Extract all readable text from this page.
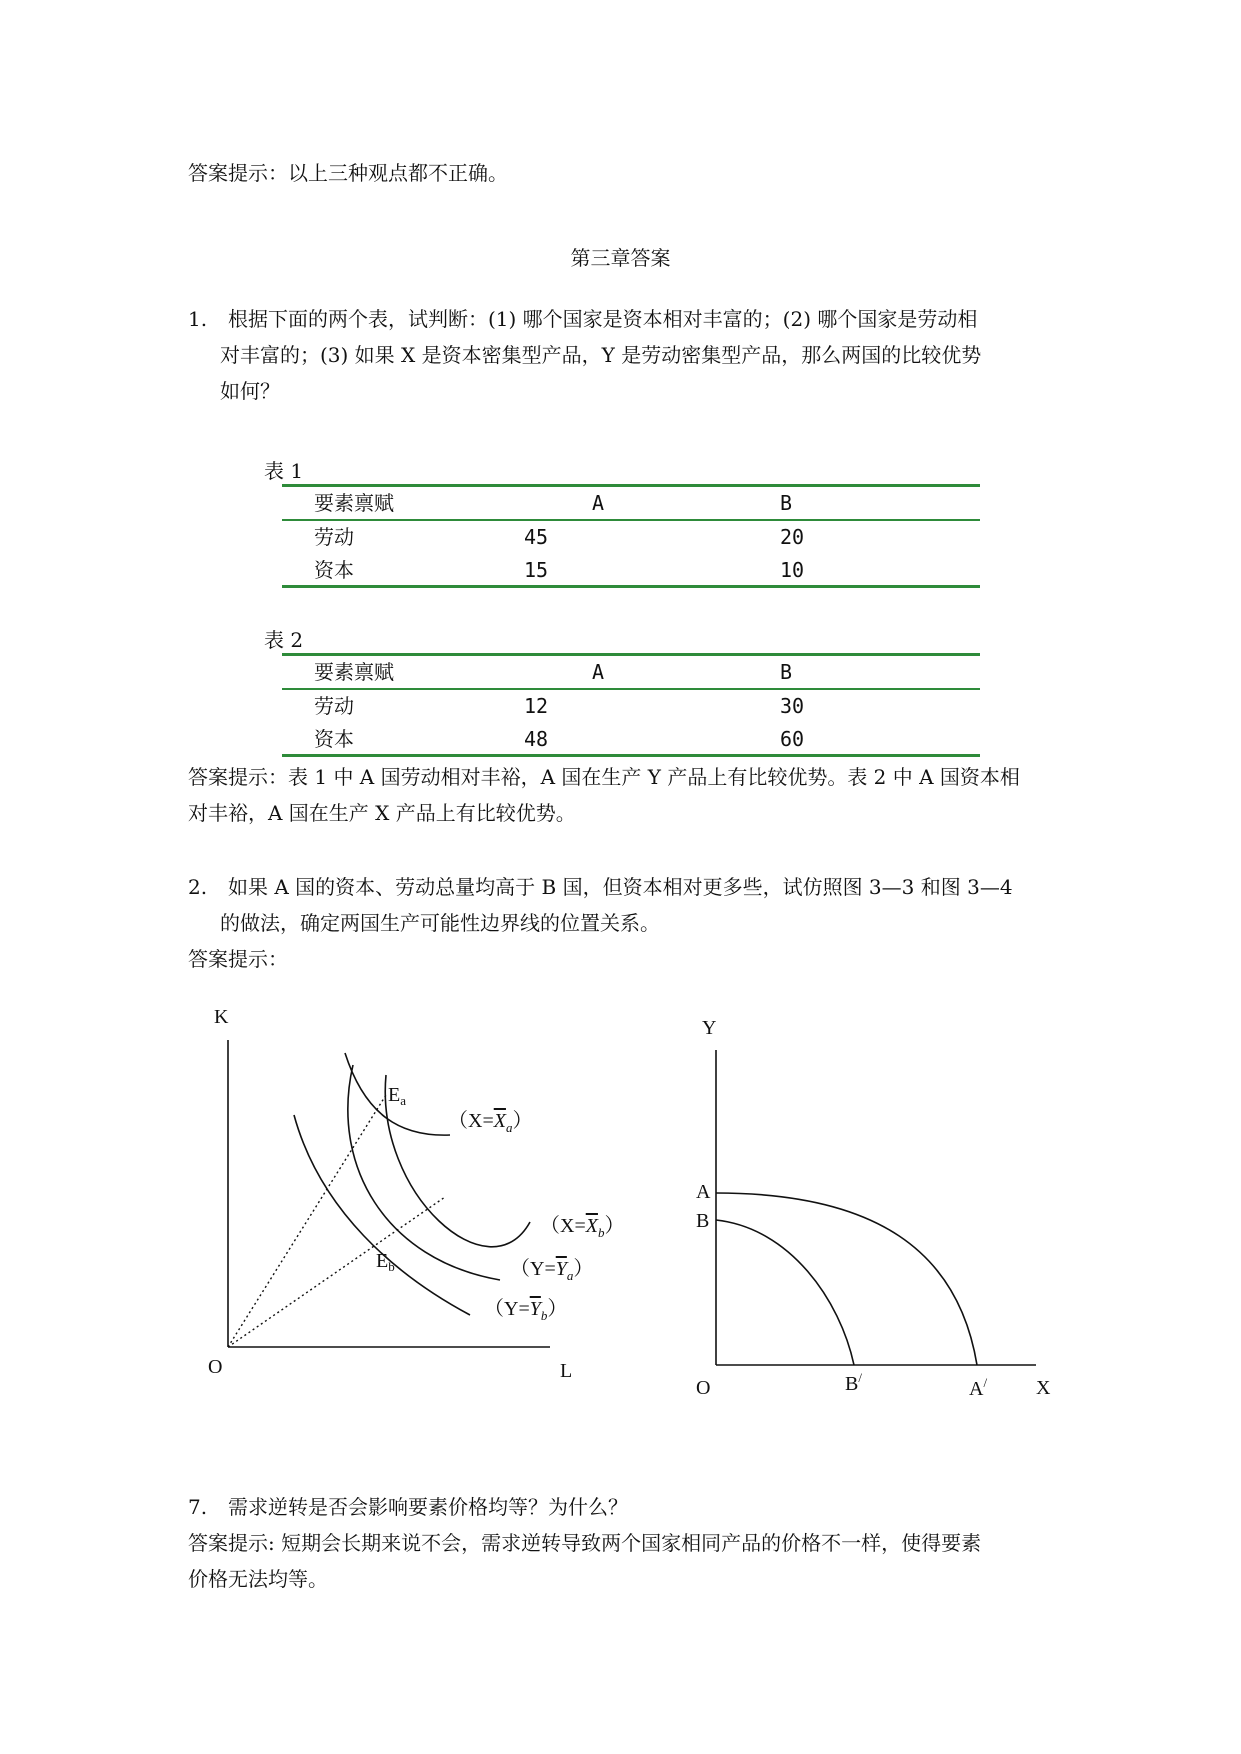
答案提示：以上三种观点都不正确。
第三章答案
1. 根据下面的两个表，试判断：(1) 哪个国家是资本相对丰富的；(2) 哪个国家是劳动相
对丰富的；(3) 如果 X 是资本密集型产品，Y 是劳动密集型产品，那么两国的比较优势
如何？
表 1
要素禀赋	A	B
劳动	45	20
资本	15	10
表 2
要素禀赋	A	B
劳动	12	30
资本	48	60
答案提示：表 1 中 A 国劳动相对丰裕，A 国在生产 Y 产品上有比较优势。表 2 中 A 国资本相
对丰裕，A 国在生产 X 产品上有比较优势。
2. 如果 A 国的资本、劳动总量均高于 B 国，但资本相对更多些，试仿照图 3—3 和图 3—4
的做法，确定两国生产可能性边界线的位置关系。
答案提示：
K
O	L
$E_a$
$E_b$
$(X=X_a)$
$(X=X_b)$
$(Y=Y_a)$
$(Y=Y_b)$
Y
A
B
O	B/
A/ X
7. 需求逆转是否会影响要素价格均等？为什么？
答案提示: 短期会长期来说不会，需求逆转导致两个国家相同产品的价格不一样，使得要素
价格无法均等。
